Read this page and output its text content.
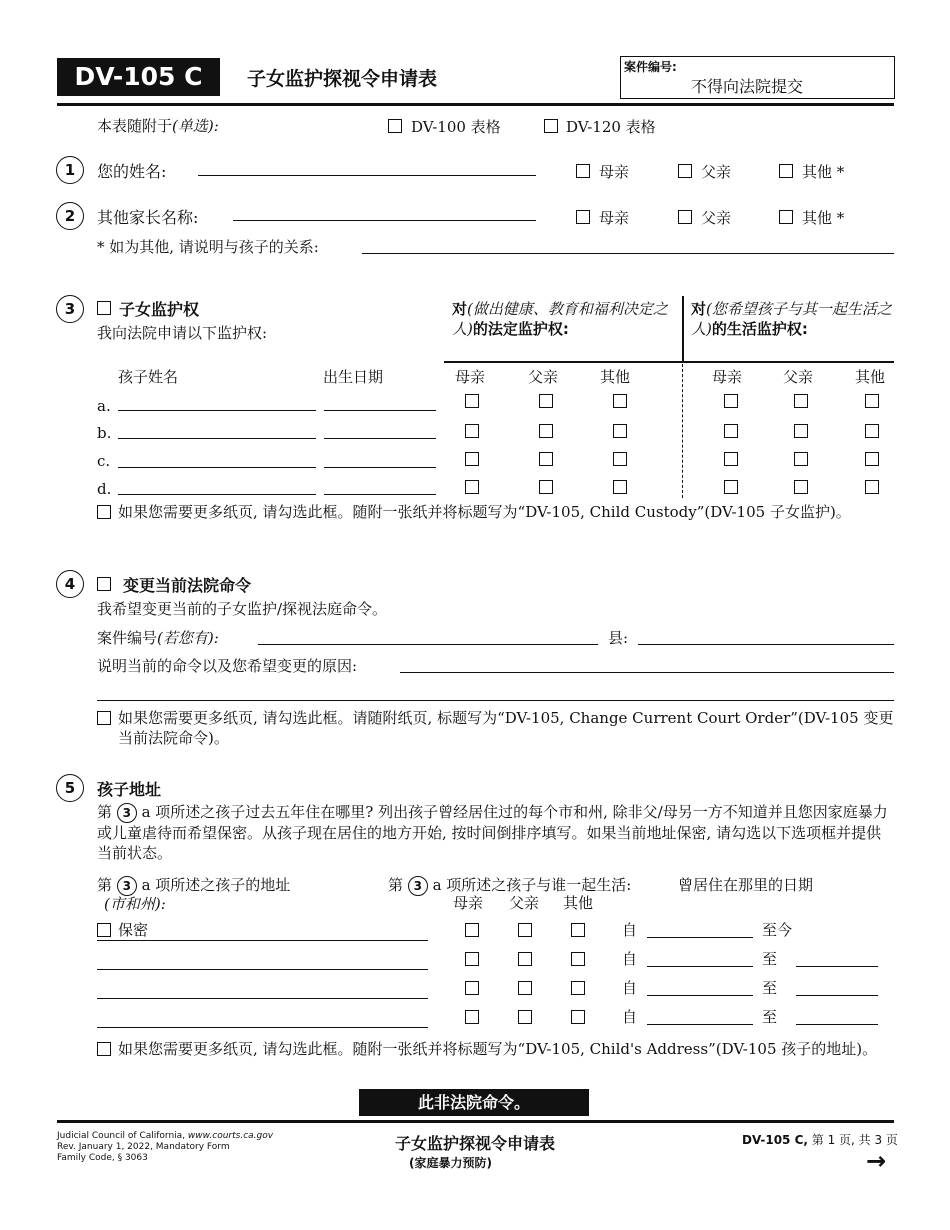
DV-105 C	子女监护探视令申请表
案件编号:
不得向法院提交
本表随附于(单选):	DV-100 表格	DV-120 表格
1	您的姓名:	母亲	父亲	其他 *
2	其他家长名称:	母亲	父亲	其他 *
* 如为其他, 请说明与孩子的关系:
3	子女监护权
我向法院申请以下监护权:
对(做出健康、教育和福利决定之人)的法定监护权:
对(您希望孩子与其一起生活之人)的生活监护权:
孩子姓名	出生日期	母亲	父亲	其他	母亲	父亲	其他
a.
b.
c.
d.
如果您需要更多纸页, 请勾选此框。随附一张纸并将标题写为“DV-105, Child Custody”(DV-105 子女监护)。
4	变更当前法院命令
我希望变更当前的子女监护/探视法庭命令。
案件编号(若您有):	县:
说明当前的命令以及您希望变更的原因:
如果您需要更多纸页, 请勾选此框。请随附纸页, 标题写为“DV-105, Change Current Court Order”(DV-105 变更当前法院命令)。
5	孩子地址
第 3 a 项所述之孩子过去五年住在哪里? 列出孩子曾经居住过的每个市和州, 除非父/母另一方不知道并且您因家庭暴力或儿童虐待而希望保密。从孩子现在居住的地方开始, 按时间倒排序填写。如果当前地址保密, 请勾选以下选项框并提供当前状态。
第 3 a 项所述之孩子的地址
(市和州):
第 3 a 项所述之孩子与谁一起生活:	曾居住在那里的日期
母亲 父亲 其他
保密	自	至今
自	至
自	至
自	至
如果您需要更多纸页, 请勾选此框。随附一张纸并将标题写为“DV-105, Child's Address”(DV-105 孩子的地址)。
此非法院命令。
Judicial Council of California, www.courts.ca.gov
Rev. January 1, 2022, Mandatory Form
Family Code, § 3063
子女监护探视令申请表
(家庭暴力预防)
DV-105 C, 第 1 页, 共 3 页
→
